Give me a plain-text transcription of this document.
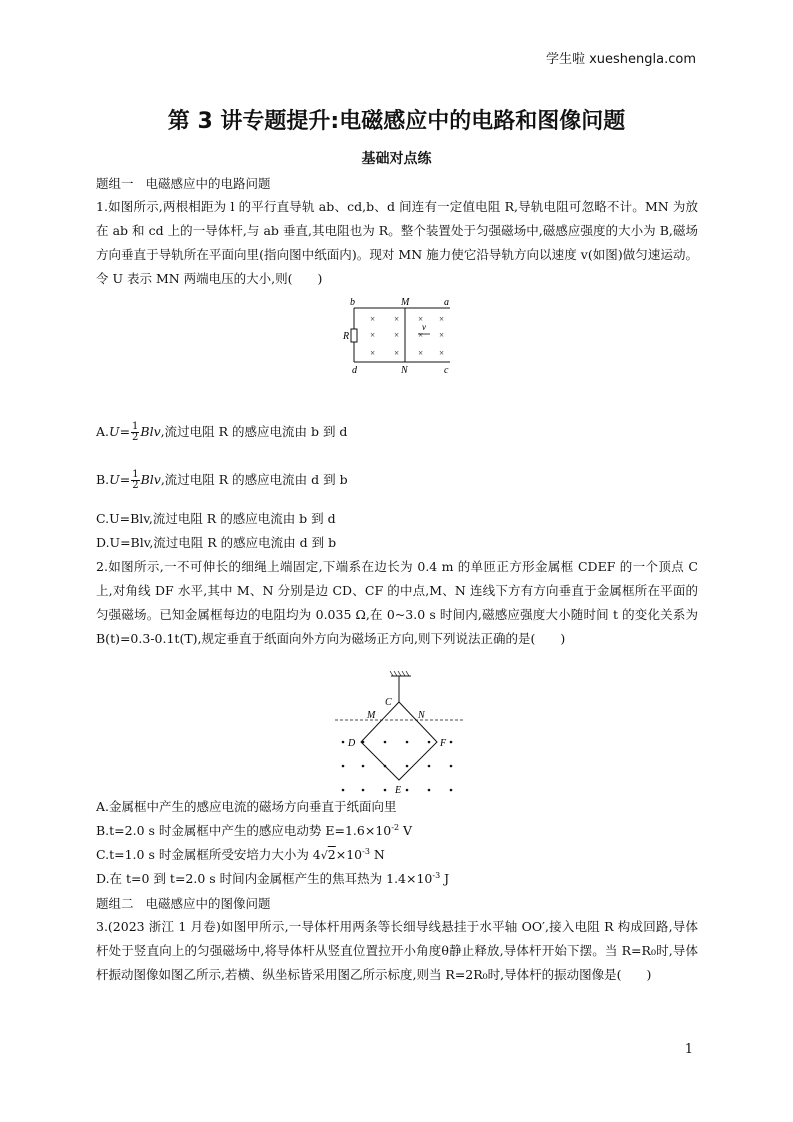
学生啦 xueshengla.com
第 3 讲专题提升:电磁感应中的电路和图像问题
基础对点练
题组一 电磁感应中的电路问题
1.如图所示,两根相距为 l 的平行直导轨 ab、cd,b、d 间连有一定值电阻 R,导轨电阻可忽略不计。MN 为放在 ab 和 cd 上的一导体杆,与 ab 垂直,其电阻也为 R。整个装置处于匀强磁场中,磁感应强度的大小为 B,磁场方向垂直于导轨所在平面向里(指向图中纸面内)。现对 MN 施力使它沿导轨方向以速度 v(如图)做匀速运动。令 U 表示 MN 两端电压的大小,则(　　)
× × × ×
× × × ×
× × × ×
b	M	a
R
v
d	N	c
$A.U= \frac{1}{2}$ Blv,流过电阻 R 的感应电流由 b 到 d
$B.U= \frac{1}{2}$ Blv,流过电阻 R 的感应电流由 d 到 b
C.U=Blv,流过电阻 R 的感应电流由 b 到 d
D.U=Blv,流过电阻 R 的感应电流由 d 到 b
2.如图所示,一不可伸长的细绳上端固定,下端系在边长为 0.4 m 的单匝正方形金属框 CDEF 的一个顶点 C 上,对角线 DF 水平,其中 M、N 分别是边 CD、CF 的中点,M、N 连线下方有方向垂直于金属框所在平面的匀强磁场。已知金属框每边的电阻均为 0.035 Ω,在 0~3.0 s 时间内,磁感应强度大小随时间 t 的变化关系为 B(t)=0.3-0.1t(T),规定垂直于纸面向外方向为磁场正方向,则下列说法正确的是(　　)
C
M	N
D	F
E
A.金属框中产生的感应电流的磁场方向垂直于纸面向里
B.t=2.0 s 时金属框中产生的感应电动势 $E=1.6\times 10^{-2}$ V
C.t=1.0 s 时金属框所受安培力大小为 $4√2\times 10^{-3}$ N
D.在 t=0 到 t=2.0 s 时间内金属框产生的焦耳热为 $1.4\times 10^{-3}$ J
题组二 电磁感应中的图像问题
3.(2023 浙江 1 月卷)如图甲所示,一导体杆用两条等长细导线悬挂于水平轴 OO′,接入电阻 R 构成回路,导体杆处于竖直向上的匀强磁场中,将导体杆从竖直位置拉开小角度θ静止释放,导体杆开始下摆。当 R=R₀时,导体杆振动图像如图乙所示,若横、纵坐标皆采用图乙所示标度,则当 R=2R₀时,导体杆的振动图像是(　　)
1
